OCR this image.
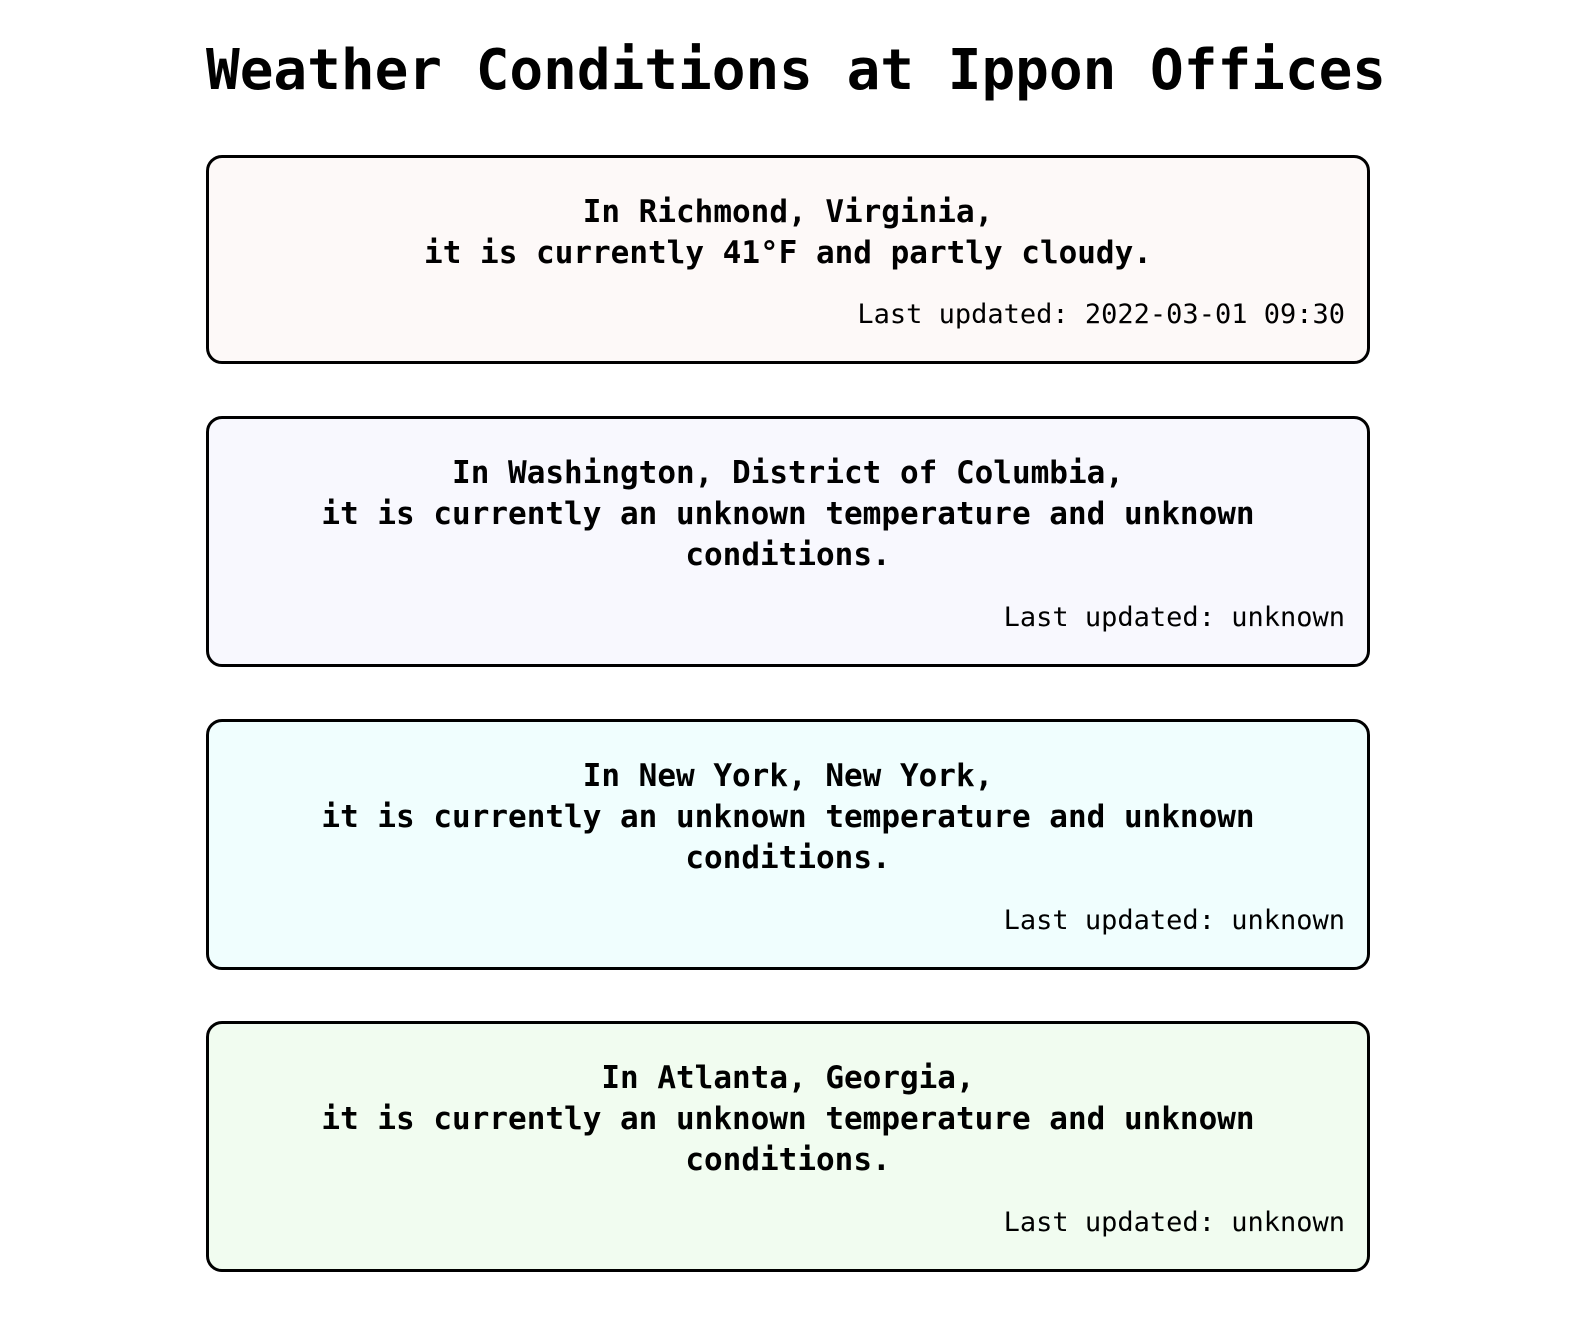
Weather Conditions at Ippon Offices
In Richmond, Virginia,
it is currently 41°F and partly cloudy.
Last updated: 2022-03-01 09:30
In Washington, District of Columbia,
it is currently an unknown temperature and unknown conditions.
Last updated: unknown
In New York, New York,
it is currently an unknown temperature and unknown conditions.
Last updated: unknown
In Atlanta, Georgia,
it is currently an unknown temperature and unknown conditions.
Last updated: unknown
